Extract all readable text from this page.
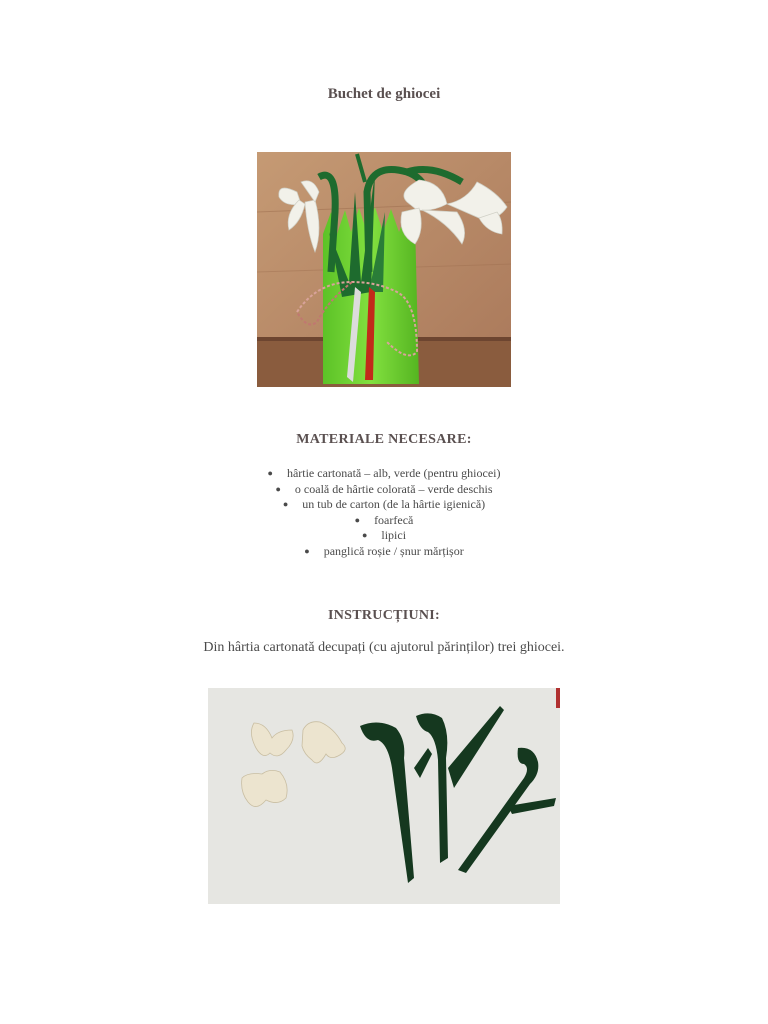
Buchet de ghiocei
MATERIALE NECESARE:
● hârtie cartonată – alb, verde (pentru ghiocei)
● o coală de hârtie colorată – verde deschis
● un tub de carton (de la hârtie igienică)
● foarfecă
● lipici
● panglică roșie / șnur mărțișor
INSTRUCȚIUNI:
Din hârtia cartonată decupați (cu ajutorul părinților) trei ghiocei.
